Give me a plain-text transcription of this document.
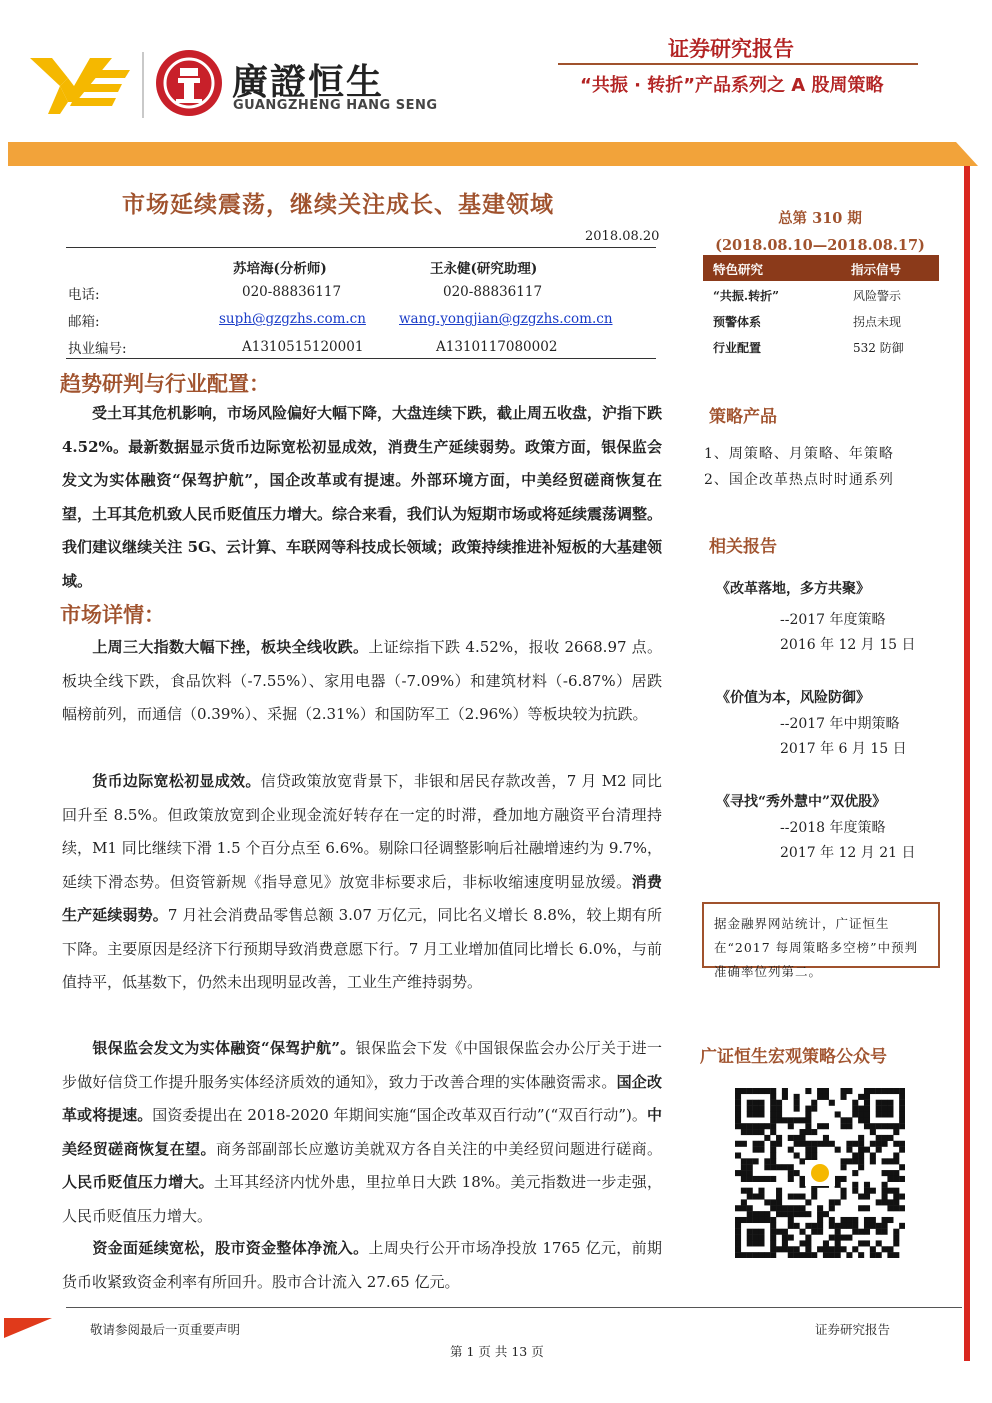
廣證恒生
GUANGZHENG HANG SENG
证券研究报告
“共振 · 转折”产品系列之 A 股周策略
市场延续震荡，继续关注成长、基建领域
2018.08.20
苏培海(分析师)	王永健(研究助理)
电话:	020-88836117	020-88836117
邮箱:	suph@gzgzhs.com.cn wang.yongjian@gzgzhs.com.cn
执业编号:	A1310515120001	A1310117080002
总第 310 期
(2018.08.10—2018.08.17)
特色研究	指示信号
“共振.转折”	风险警示
预警体系	拐点未现
行业配置	532 防御
策略产品
1、周策略、月策略、年策略
2、国企改革热点时时通系列
相关报告
《改革落地，多方共聚》
--2017 年度策略
2016 年 12 月 15 日
《价值为本，风险防御》
--2017 年中期策略
2017 年 6 月 15 日
《寻找“秀外慧中”双优股》
--2018 年度策略
2017 年 12 月 21 日
据金融界网站统计，广证恒生在“2017 每周策略多空榜”中预判准确率位列第二。
广证恒生宏观策略公众号
趋势研判与行业配置：
受土耳其危机影响，市场风险偏好大幅下降，大盘连续下跌，截止周五收盘，沪指下跌 4.52%。最新数据显示货币边际宽松初显成效，消费生产延续弱势。政策方面，银保监会发文为实体融资“保驾护航”，国企改革或有提速。外部环境方面，中美经贸磋商恢复在望，土耳其危机致人民币贬值压力增大。综合来看，我们认为短期市场或将延续震荡调整。我们建议继续关注 5G、云计算、车联网等科技成长领域；政策持续推进补短板的大基建领域。
市场详情：
上周三大指数大幅下挫，板块全线收跌。上证综指下跌 4.52%，报收 2668.97 点。板块全线下跌，食品饮料（-7.55%）、家用电器（-7.09%）和建筑材料（-6.87%）居跌幅榜前列，而通信（0.39%）、采掘（2.31%）和国防军工（2.96%）等板块较为抗跌。
货币边际宽松初显成效。信贷政策放宽背景下，非银和居民存款改善，7 月 M2 同比回升至 8.5%。但政策放宽到企业现金流好转存在一定的时滞，叠加地方融资平台清理持续，M1 同比继续下滑 1.5 个百分点至 6.6%。剔除口径调整影响后社融增速约为 9.7%，延续下滑态势。但资管新规《指导意见》放宽非标要求后，非标收缩速度明显放缓。消费生产延续弱势。7 月社会消费品零售总额 3.07 万亿元，同比名义增长 8.8%，较上期有所下降。主要原因是经济下行预期导致消费意愿下行。7 月工业增加值同比增长 6.0%，与前值持平，低基数下，仍然未出现明显改善，工业生产维持弱势。
银保监会发文为实体融资“保驾护航”。银保监会下发《中国银保监会办公厅关于进一步做好信贷工作提升服务实体经济质效的通知》，致力于改善合理的实体融资需求。国企改革或将提速。国资委提出在 2018-2020 年期间实施“国企改革双百行动”(“双百行动”)。中美经贸磋商恢复在望。商务部副部长应邀访美就双方各自关注的中美经贸问题进行磋商。人民币贬值压力增大。土耳其经济内忧外患，里拉单日大跌 18%。美元指数进一步走强，人民币贬值压力增大。
资金面延续宽松，股市资金整体净流入。上周央行公开市场净投放 1765 亿元，前期货币收紧致资金利率有所回升。股市合计流入 27.65 亿元。
敬请参阅最后一页重要声明	证券研究报告
第 1 页 共 13 页
